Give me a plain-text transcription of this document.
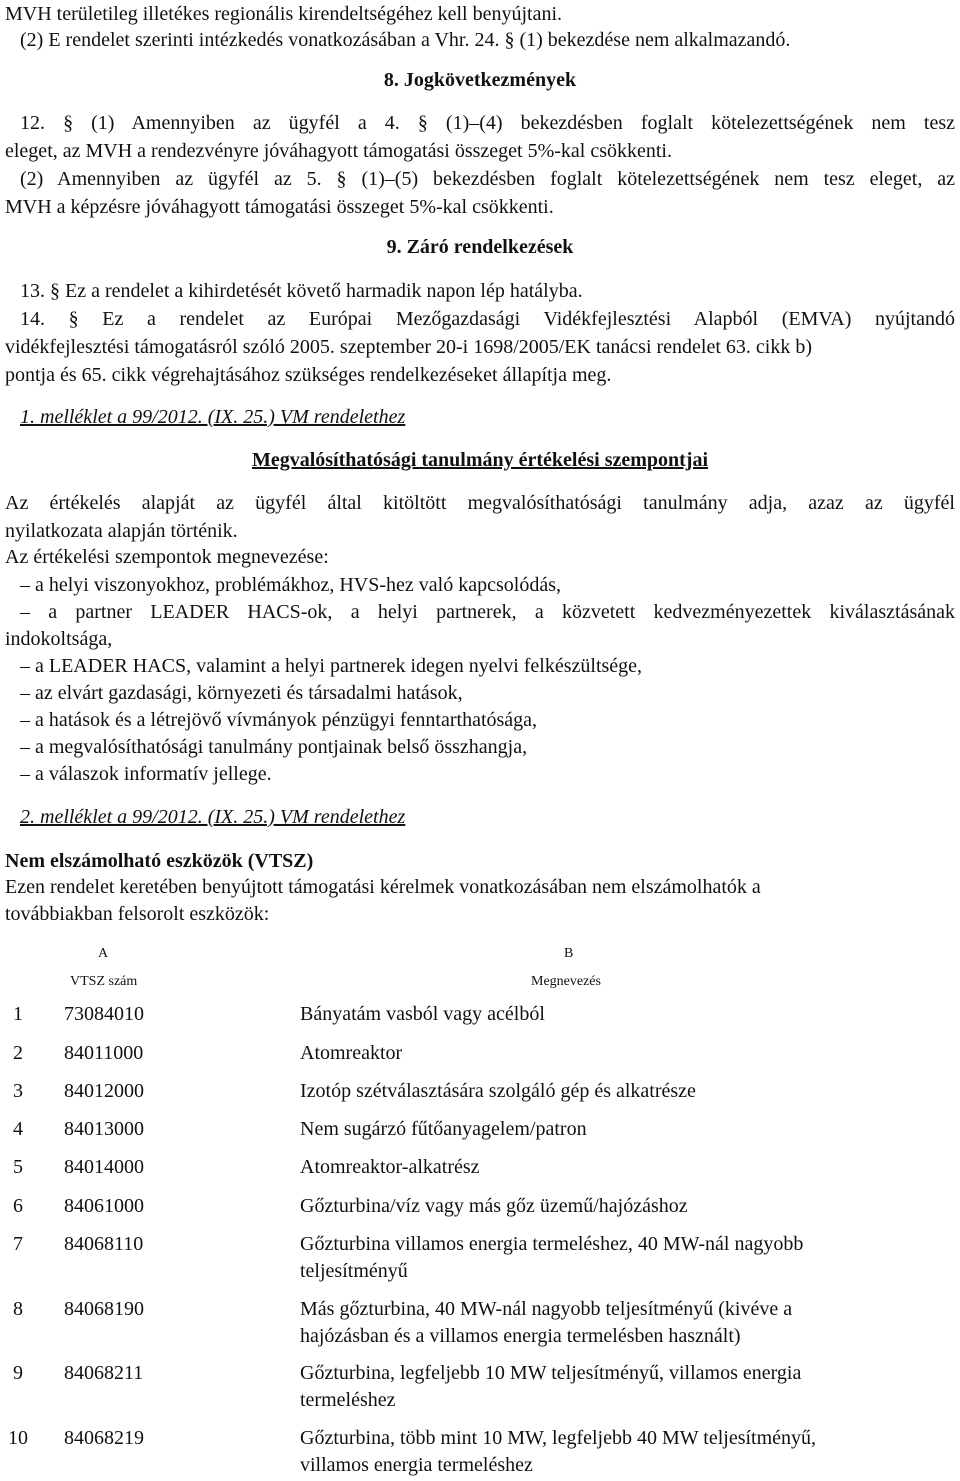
MVH területileg illetékes regionális kirendeltségéhez kell benyújtani.
(2) E rendelet szerinti intézkedés vonatkozásában a Vhr. 24. § (1) bekezdése nem alkalmazandó.
8. Jogkövetkezmények
12. § (1) Amennyiben az ügyfél a 4. § (1)–(4) bekezdésben foglalt kötelezettségének nem tesz
eleget, az MVH a rendezvényre jóváhagyott támogatási összeget 5%-kal csökkenti.
(2) Amennyiben az ügyfél az 5. § (1)–(5) bekezdésben foglalt kötelezettségének nem tesz eleget, az
MVH a képzésre jóváhagyott támogatási összeget 5%-kal csökkenti.
9. Záró rendelkezések
13. § Ez a rendelet a kihirdetését követő harmadik napon lép hatályba.
14. § Ez a rendelet az Európai Mezőgazdasági Vidékfejlesztési Alapból (EMVA) nyújtandó
vidékfejlesztési támogatásról szóló 2005. szeptember 20-i 1698/2005/EK tanácsi rendelet 63. cikk b)
pontja és 65. cikk végrehajtásához szükséges rendelkezéseket állapítja meg.
1. melléklet a 99/2012. (IX. 25.) VM rendelethez
Megvalósíthatósági tanulmány értékelési szempontjai
Az értékelés alapját az ügyfél által kitöltött megvalósíthatósági tanulmány adja, azaz az ügyfél
nyilatkozata alapján történik.
Az értékelési szempontok megnevezése:
– a helyi viszonyokhoz, problémákhoz, HVS-hez való kapcsolódás,
– a partner LEADER HACS-ok, a helyi partnerek, a közvetett kedvezményezettek kiválasztásának
indokoltsága,
– a LEADER HACS, valamint a helyi partnerek idegen nyelvi felkészültsége,
– az elvárt gazdasági, környezeti és társadalmi hatások,
– a hatások és a létrejövő vívmányok pénzügyi fenntarthatósága,
– a megvalósíthatósági tanulmány pontjainak belső összhangja,
– a válaszok informatív jellege.
2. melléklet a 99/2012. (IX. 25.) VM rendelethez
Nem elszámolható eszközök (VTSZ)
Ezen rendelet keretében benyújtott támogatási kérelmek vonatkozásában nem elszámolhatók a
továbbiakban felsorolt eszközök:
A	B
VTSZ szám	Megnevezés
1 73084010	Bányatám vasból vagy acélból
2 84011000	Atomreaktor
3 84012000	Izotóp szétválasztására szolgáló gép és alkatrésze
4 84013000	Nem sugárzó fűtőanyagelem/patron
5 84014000	Atomreaktor-alkatrész
6 84061000	Gőzturbina/víz vagy más gőz üzemű/hajózáshoz
7 84068110	Gőzturbina villamos energia termeléshez, 40 MW-nál nagyobb
teljesítményű
8 84068190	Más gőzturbina, 40 MW-nál nagyobb teljesítményű (kivéve a
hajózásban és a villamos energia termelésben használt)
9 84068211	Gőzturbina, legfeljebb 10 MW teljesítményű, villamos energia
termeléshez
10 84068219	Gőzturbina, több mint 10 MW, legfeljebb 40 MW teljesítményű,
villamos energia termeléshez
